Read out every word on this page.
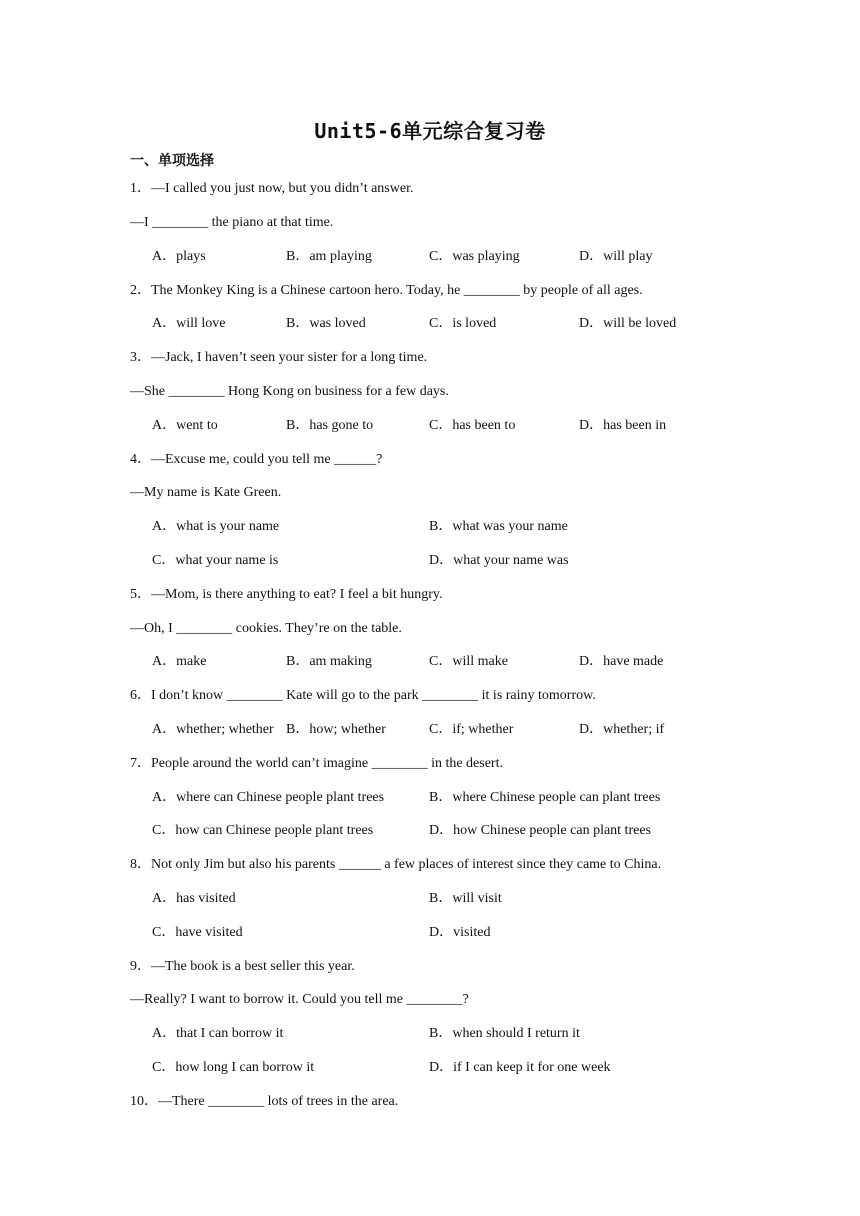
Unit5-6单元综合复习卷
一、单项选择
1．—I called you just now, but you didn’t answer.
—I ________ the piano at that time.
A．plays	B．am playing	C．was playing	D．will play
2．The Monkey King is a Chinese cartoon hero. Today, he ________ by people of all ages.
A．will love	B．was loved	C．is loved	D．will be loved
3．—Jack, I haven’t seen your sister for a long time.
—She ________ Hong Kong on business for a few days.
A．went to	B．has gone to	C．has been to	D．has been in
4．—Excuse me, could you tell me ______?
—My name is Kate Green.
A．what is your name	B．what was your name
C．what your name is	D．what your name was
5．—Mom, is there anything to eat? I feel a bit hungry.
—Oh, I ________ cookies. They’re on the table.
A．make	B．am making	C．will make	D．have made
6．I don’t know ________ Kate will go to the park ________ it is rainy tomorrow.
A．whether; whether B．how; whether	C．if; whether	D．whether; if
7．People around the world can’t imagine ________ in the desert.
A．where can Chinese people plant trees	B．where Chinese people can plant trees
C．how can Chinese people plant trees	D．how Chinese people can plant trees
8．Not only Jim but also his parents ______ a few places of interest since they came to China.
A．has visited	B．will visit
C．have visited	D．visited
9．—The book is a best seller this year.
—Really? I want to borrow it. Could you tell me ________?
A．that I can borrow it	B．when should I return it
C．how long I can borrow it	D．if I can keep it for one week
10．—There ________ lots of trees in the area.
